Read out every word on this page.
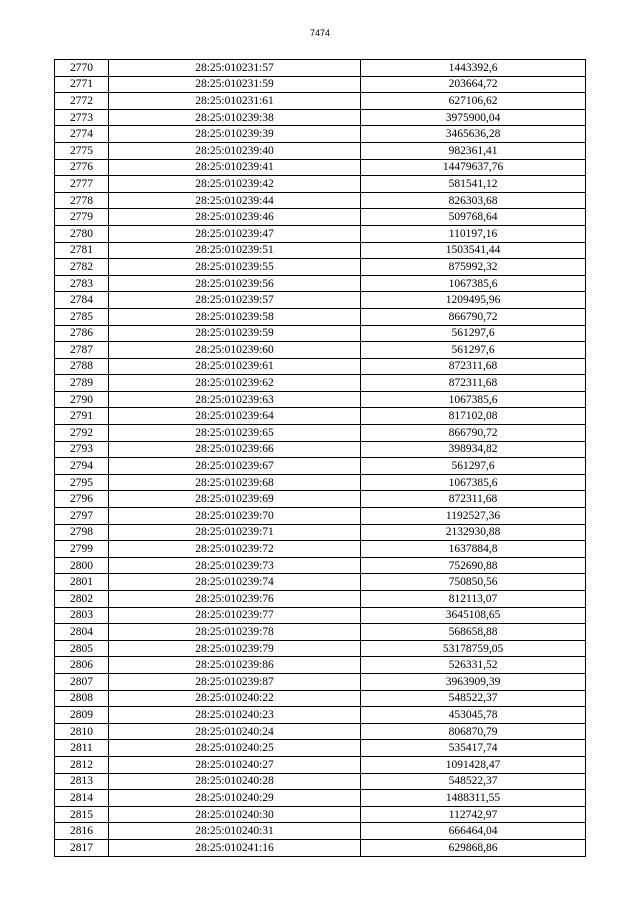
7474
2770	28:25:010231:57	1443392,6
2771	28:25:010231:59	203664,72
2772	28:25:010231:61	627106,62
2773	28:25:010239:38	3975900,04
2774	28:25:010239:39	3465636,28
2775	28:25:010239:40	982361,41
2776	28:25:010239:41	14479637,76
2777	28:25:010239:42	581541,12
2778	28:25:010239:44	826303,68
2779	28:25:010239:46	509768,64
2780	28:25:010239:47	110197,16
2781	28:25:010239:51	1503541,44
2782	28:25:010239:55	875992,32
2783	28:25:010239:56	1067385,6
2784	28:25:010239:57	1209495,96
2785	28:25:010239:58	866790,72
2786	28:25:010239:59	561297,6
2787	28:25:010239:60	561297,6
2788	28:25:010239:61	872311,68
2789	28:25:010239:62	872311,68
2790	28:25:010239:63	1067385,6
2791	28:25:010239:64	817102,08
2792	28:25:010239:65	866790,72
2793	28:25:010239:66	398934,82
2794	28:25:010239:67	561297,6
2795	28:25:010239:68	1067385,6
2796	28:25:010239:69	872311,68
2797	28:25:010239:70	1192527,36
2798	28:25:010239:71	2132930,88
2799	28:25:010239:72	1637884,8
2800	28:25:010239:73	752690,88
2801	28:25:010239:74	750850,56
2802	28:25:010239:76	812113,07
2803	28:25:010239:77	3645108,65
2804	28:25:010239:78	568658,88
2805	28:25:010239:79	53178759,05
2806	28:25:010239:86	526331,52
2807	28:25:010239:87	3963909,39
2808	28:25:010240:22	548522,37
2809	28:25:010240:23	453045,78
2810	28:25:010240:24	806870,79
2811	28:25:010240:25	535417,74
2812	28:25:010240:27	1091428,47
2813	28:25:010240:28	548522,37
2814	28:25:010240:29	1488311,55
2815	28:25:010240:30	112742,97
2816	28:25:010240:31	666464,04
2817	28:25:010241:16	629868,86
